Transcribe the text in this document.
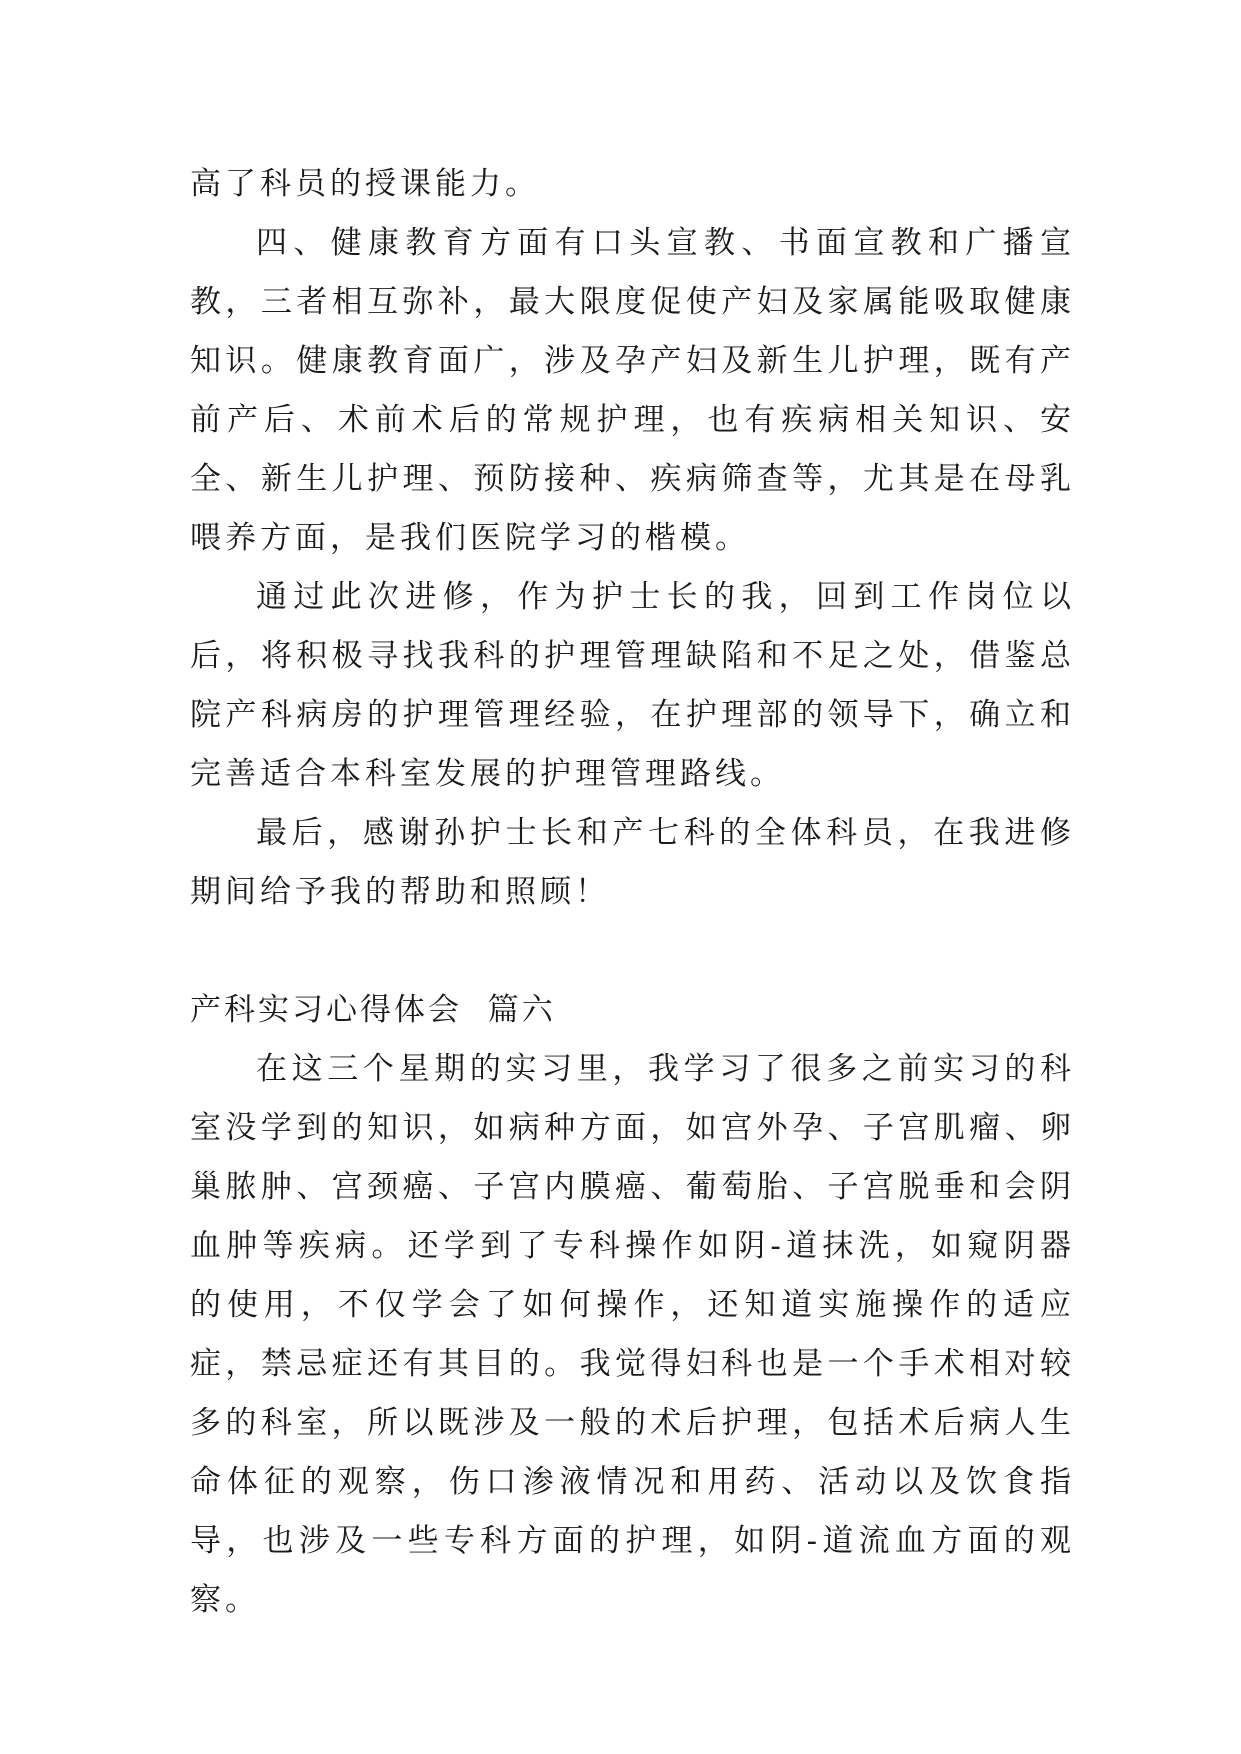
高了科员的授课能力。

四、健康教育方面有口头宣教、书面宣教和广播宣教，三者相互弥补，最大限度促使产妇及家属能吸取健康知识。健康教育面广，涉及孕产妇及新生儿护理，既有产前产后、术前术后的常规护理，也有疾病相关知识、安全、新生儿护理、预防接种、疾病筛查等，尤其是在母乳喂养方面，是我们医院学习的楷模。

通过此次进修，作为护士长的我，回到工作岗位以后，将积极寻找我科的护理管理缺陷和不足之处，借鉴总院产科病房的护理管理经验，在护理部的领导下，确立和完善适合本科室发展的护理管理路线。

最后，感谢孙护士长和产七科的全体科员，在我进修期间给予我的帮助和照顾！

产科实习心得体会  篇六

在这三个星期的实习里，我学习了很多之前实习的科室没学到的知识，如病种方面，如宫外孕、子宫肌瘤、卵巢脓肿、宫颈癌、子宫内膜癌、葡萄胎、子宫脱垂和会阴血肿等疾病。还学到了专科操作如阴-道抹洗，如窥阴器的使用，不仅学会了如何操作，还知道实施操作的适应症，禁忌症还有其目的。我觉得妇科也是一个手术相对较多的科室，所以既涉及一般的术后护理，包括术后病人生命体征的观察，伤口渗液情况和用药、活动以及饮食指导，也涉及一些专科方面的护理，如阴-道流血方面的观察。
